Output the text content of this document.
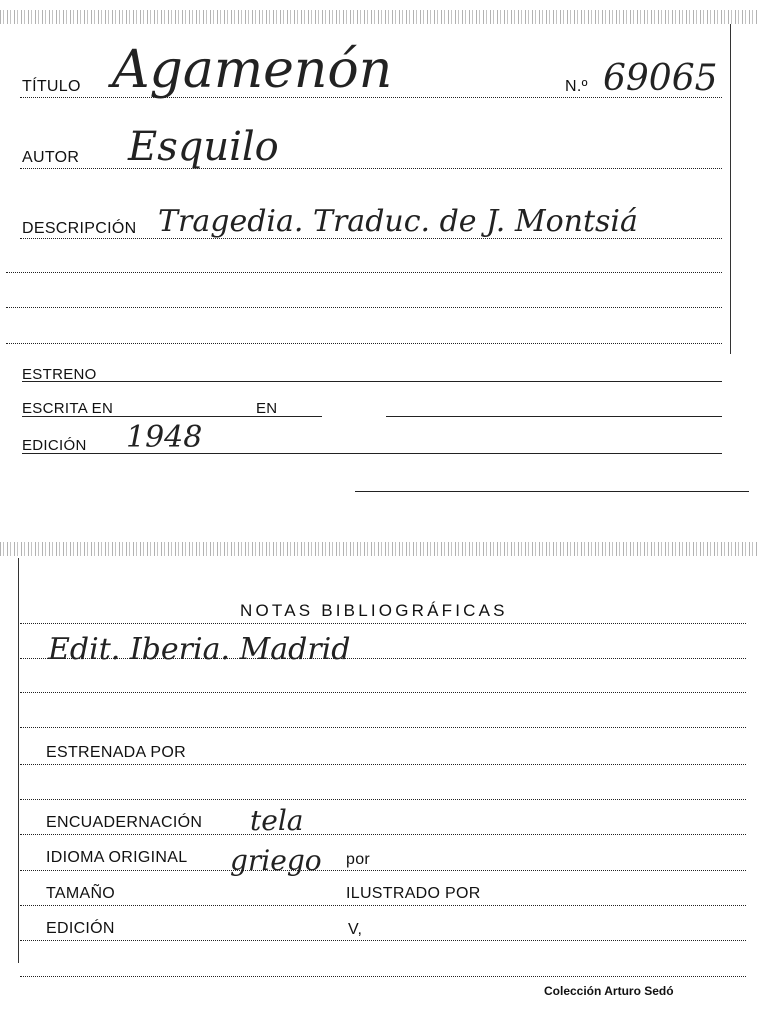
TÍTULO Agamenón	N.º 69065
AUTOR Esquilo
DESCRIPCIÓN Tragedia. Traduc. de J. Montsiá
ESTRENO
ESCRITA EN	EN
EDICIÓN 1948
NOTAS BIBLIOGRÁFICAS
Edit. Iberia. Madrid
ESTRENADA POR
ENCUADERNACIÓN tela
IDIOMA ORIGINAL griego por
TAMAÑO	ILUSTRADO POR
EDICIÓN	V,
Colección Arturo Sedó
